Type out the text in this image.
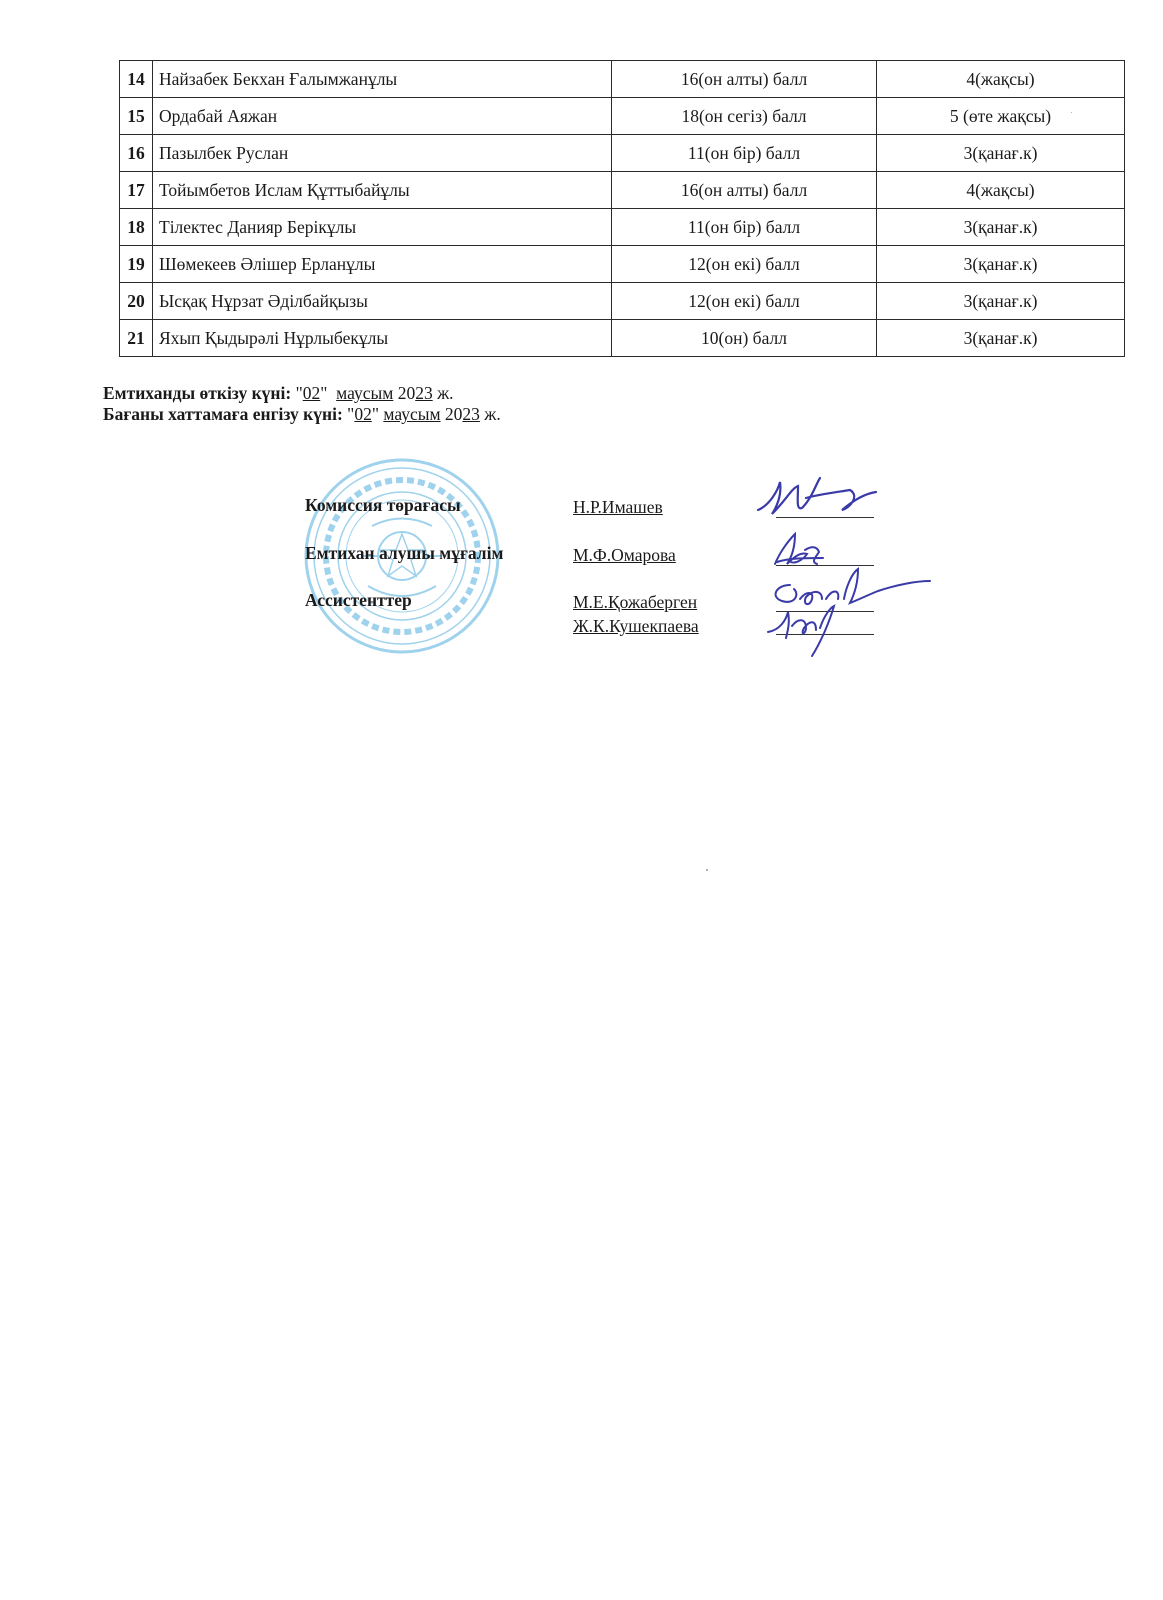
14	Найзабек Бекхан Ғалымжанұлы	16(он алты) балл	4(жақсы)
15	Ордабай Аяжан	18(он сегіз) балл	5 (өте жақсы)
16	Пазылбек Руслан	11(он бір) балл	3(қанағ.к)
17	Тойымбетов Ислам Құттыбайұлы	16(он алты) балл	4(жақсы)
18	Тілектес Данияр Берікұлы	11(он бір) балл	3(қанағ.к)
19	Шөмекеев Әлішер Ерланұлы	12(он екі) балл	3(қанағ.к)
20	Ысқақ Нұрзат Әділбайқызы	12(он екі) балл	3(қанағ.к)
21	Яхып Қыдырәлі Нұрлыбекұлы	10(он) балл	3(қанағ.к)
Емтиханды өткізу күні: "02" маусым 2023 ж.
Бағаны хаттамаға енгізу күні: "02" маусым 2023 ж.
Комиссия төрағасы	Н.Р.Имашев
Емтихан алушы мұғалім	М.Ф.Омарова
Ассистенттер	М.Е.Қожаберген
Ж.К.Кушекпаева
